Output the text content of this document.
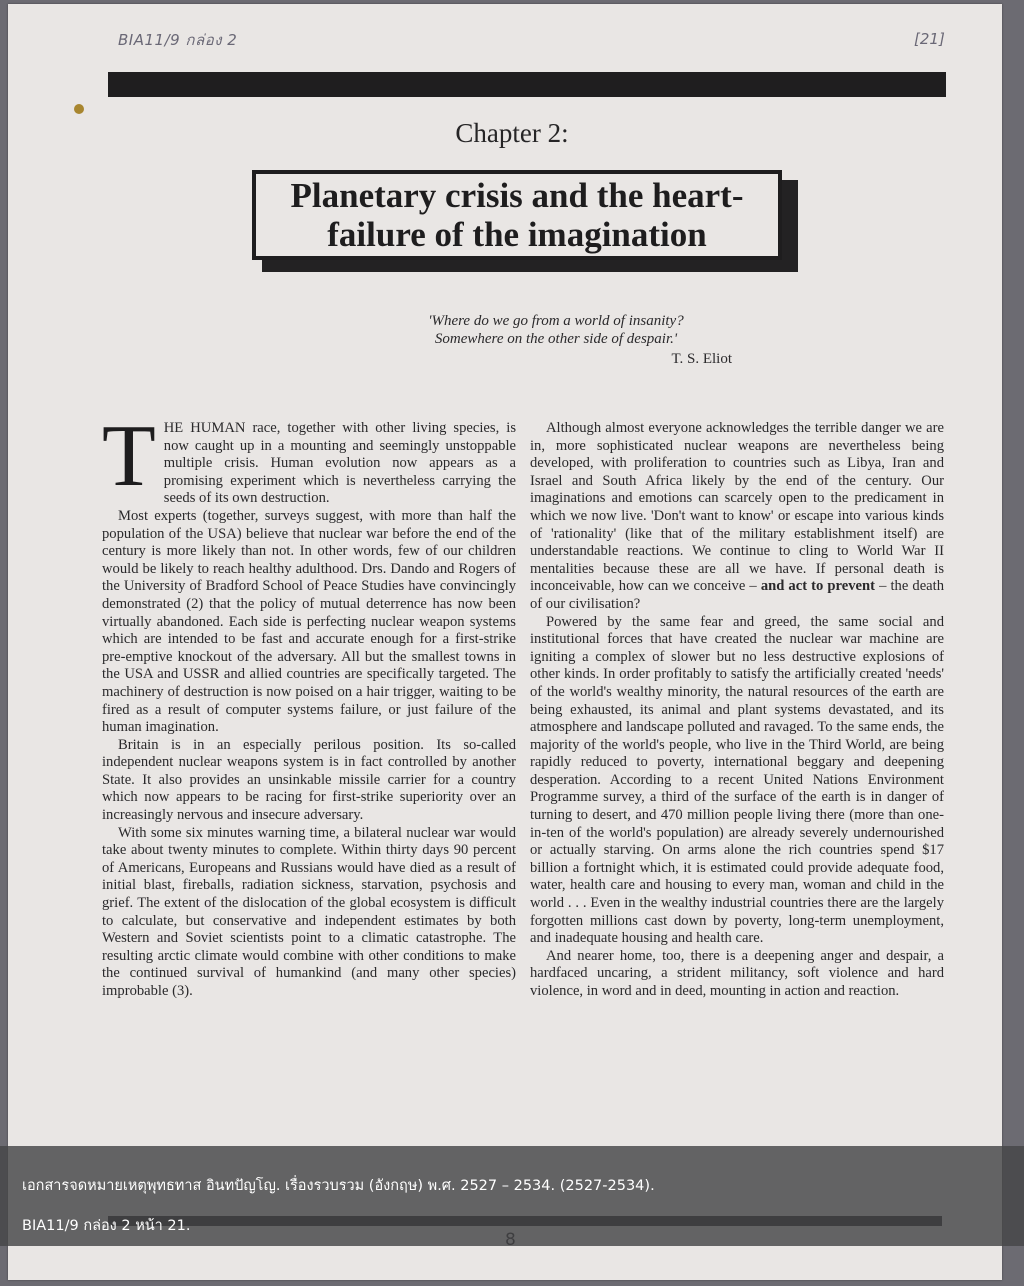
BIA11/9 กล่อง 2	[21]
Chapter 2:
Planetary crisis and the heart-
failure of the imagination
'Where do we go from a world of insanity?
Somewhere on the other side of despair.'
T. S. Eliot

THE HUMAN race, together with other living species, is now caught up in a mounting and seemingly unstoppable multiple crisis. Human evolution now appears as a promising experiment which is nevertheless carrying the seeds of its own destruction.

Most experts (together, surveys suggest, with more than half the population of the USA) believe that nuclear war before the end of the century is more likely than not. In other words, few of our children would be likely to reach healthy adulthood. Drs. Dando and Rogers of the University of Bradford School of Peace Studies have convincingly demonstrated (2) that the policy of mutual deterrence has now been virtually abandoned. Each side is perfecting nuclear weapon systems which are intended to be fast and accurate enough for a first-strike pre-emptive knockout of the adversary. All but the smallest towns in the USA and USSR and allied countries are specifically targeted. The machinery of destruction is now poised on a hair trigger, waiting to be fired as a result of computer systems failure, or just failure of the human imagination.

Britain is in an especially perilous position. Its so-called independent nuclear weapons system is in fact controlled by another State. It also provides an unsinkable missile carrier for a country which now appears to be racing for first-strike superiority over an increasingly nervous and insecure adversary.

With some six minutes warning time, a bilateral nuclear war would take about twenty minutes to complete. Within thirty days 90 percent of Americans, Europeans and Russians would have died as a result of initial blast, fireballs, radiation sickness, starvation, psychosis and grief. The extent of the dislocation of the global ecosystem is difficult to calculate, but conservative and independent estimates by both Western and Soviet scientists point to a climatic catastrophe. The resulting arctic climate would combine with other conditions to make the continued survival of humankind (and many other species) improbable (3).

Although almost everyone acknowledges the terrible danger we are in, more sophisticated nuclear weapons are nevertheless being developed, with proliferation to countries such as Libya, Iran and Israel and South Africa likely by the end of the century. Our imaginations and emotions can scarcely open to the predicament in which we now live. 'Don't want to know' or escape into various kinds of 'rationality' (like that of the military establishment itself) are understandable reactions. We continue to cling to World War II mentalities because these are all we have. If personal death is inconceivable, how can we conceive – and act to prevent – the death of our civilisation?

Powered by the same fear and greed, the same social and institutional forces that have created the nuclear war machine are igniting a complex of slower but no less destructive explosions of other kinds. In order profitably to satisfy the artificially created 'needs' of the world's wealthy minority, the natural resources of the earth are being exhausted, its animal and plant systems devastated, and its atmosphere and landscape polluted and ravaged. To the same ends, the majority of the world's people, who live in the Third World, are being rapidly reduced to poverty, international beggary and deepening desperation. According to a recent United Nations Environment Programme survey, a third of the surface of the earth is in danger of turning to desert, and 470 million people living there (more than one-in-ten of the world's population) are already severely undernourished or actually starving. On arms alone the rich countries spend $17 billion a fortnight which, it is estimated could provide adequate food, water, health care and housing to every man, woman and child in the world . . . Even in the wealthy industrial countries there are the largely forgotten millions cast down by poverty, long-term unemployment, and inadequate housing and health care.

And nearer home, too, there is a deepening anger and despair, a hardfaced uncaring, a strident militancy, soft violence and hard violence, in word and in deed, mounting in action and reaction.

เอกสารจดหมายเหตุพุทธทาส อินทปัญโญ. เรื่องรวบรวม (อังกฤษ) พ.ศ. 2527 – 2534. (2527-2534).
BIA11/9 กล่อง 2 หน้า 21.
